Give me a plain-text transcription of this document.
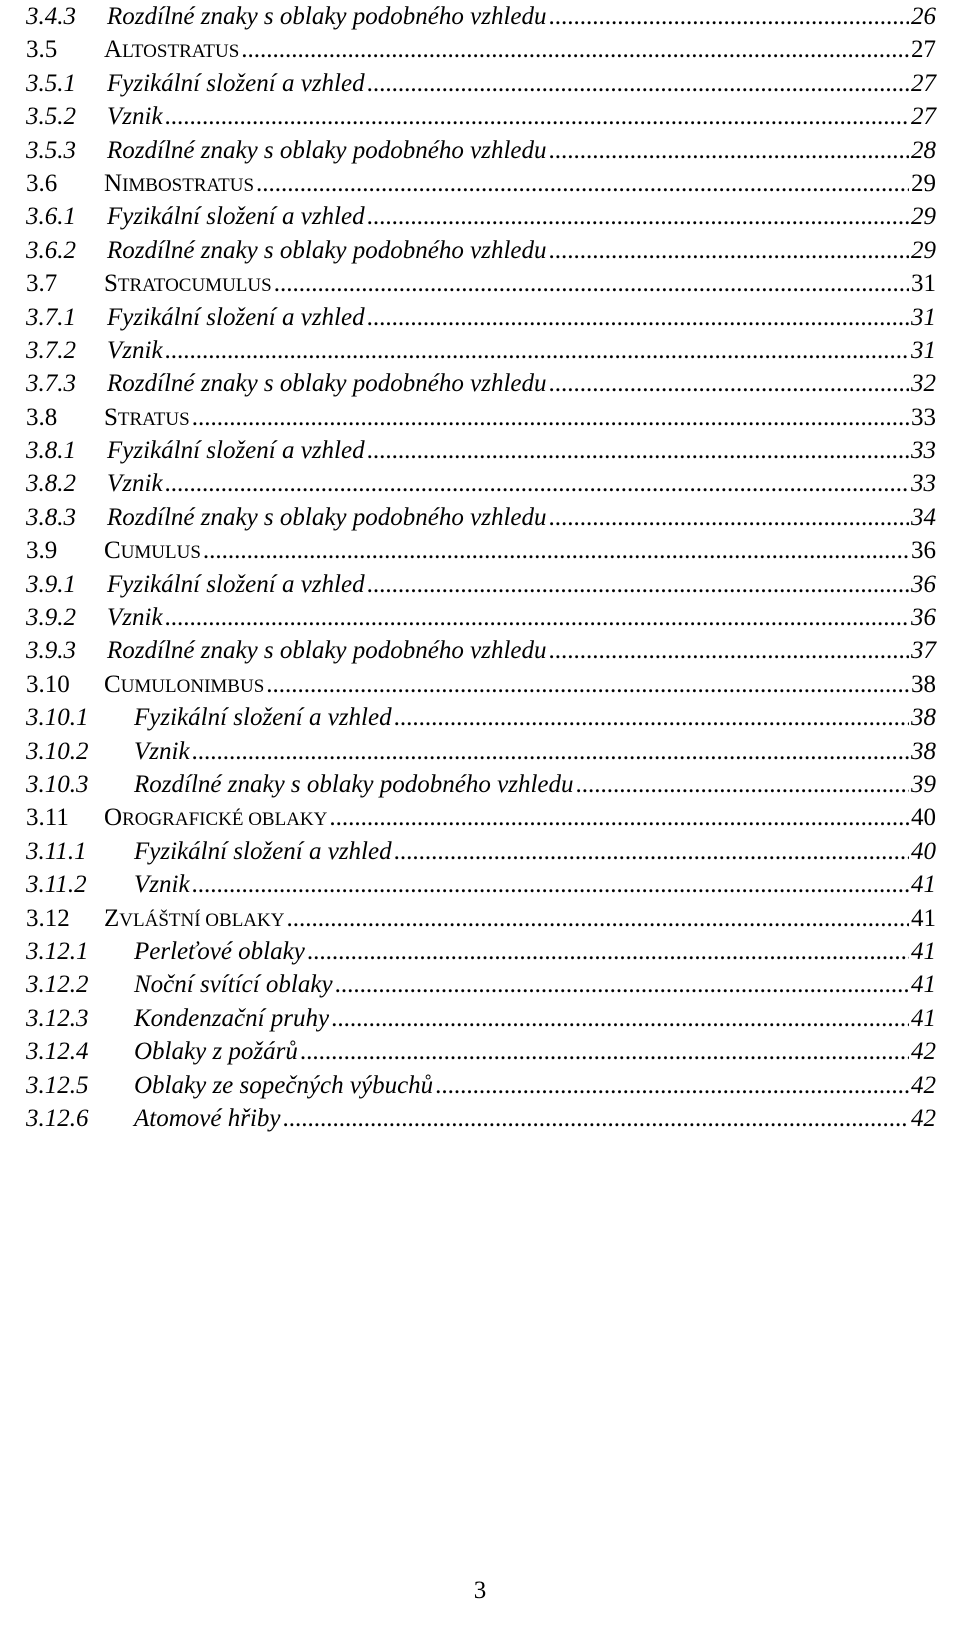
3.4.3	Rozdílné znaky s oblaky podobného vzhledu .....	26
3.5	ALTOSTRATUS .....	27
3.5.1	Fyzikální složení a vzhled .....	27
3.5.2	Vznik .....	27
3.5.3	Rozdílné znaky s oblaky podobného vzhledu .....	28
3.6	NIMBOSTRATUS .....	29
3.6.1	Fyzikální složení a vzhled .....	29
3.6.2	Rozdílné znaky s oblaky podobného vzhledu .....	29
3.7	STRATOCUMULUS .....	31
3.7.1	Fyzikální složení a vzhled .....	31
3.7.2	Vznik .....	31
3.7.3	Rozdílné znaky s oblaky podobného vzhledu .....	32
3.8	STRATUS .....	33
3.8.1	Fyzikální složení a vzhled .....	33
3.8.2	Vznik .....	33
3.8.3	Rozdílné znaky s oblaky podobného vzhledu .....	34
3.9	CUMULUS .....	36
3.9.1	Fyzikální složení a vzhled .....	36
3.9.2	Vznik .....	36
3.9.3	Rozdílné znaky s oblaky podobného vzhledu .....	37
3.10	CUMULONIMBUS .....	38
3.10.1	Fyzikální složení a vzhled .....	38
3.10.2	Vznik .....	38
3.10.3	Rozdílné znaky s oblaky podobného vzhledu .....	39
3.11	OROGRAFICKÉ OBLAKY .....	40
3.11.1	Fyzikální složení a vzhled .....	40
3.11.2	Vznik .....	41
3.12	ZVLÁŠTNÍ OBLAKY .....	41
3.12.1	Perleťové oblaky .....	41
3.12.2	Noční svítící oblaky .....	41
3.12.3	Kondenzační pruhy .....	41
3.12.4	Oblaky z požárů .....	42
3.12.5	Oblaky ze sopečných výbuchů .....	42
3.12.6	Atomové hřiby .....	42
3
